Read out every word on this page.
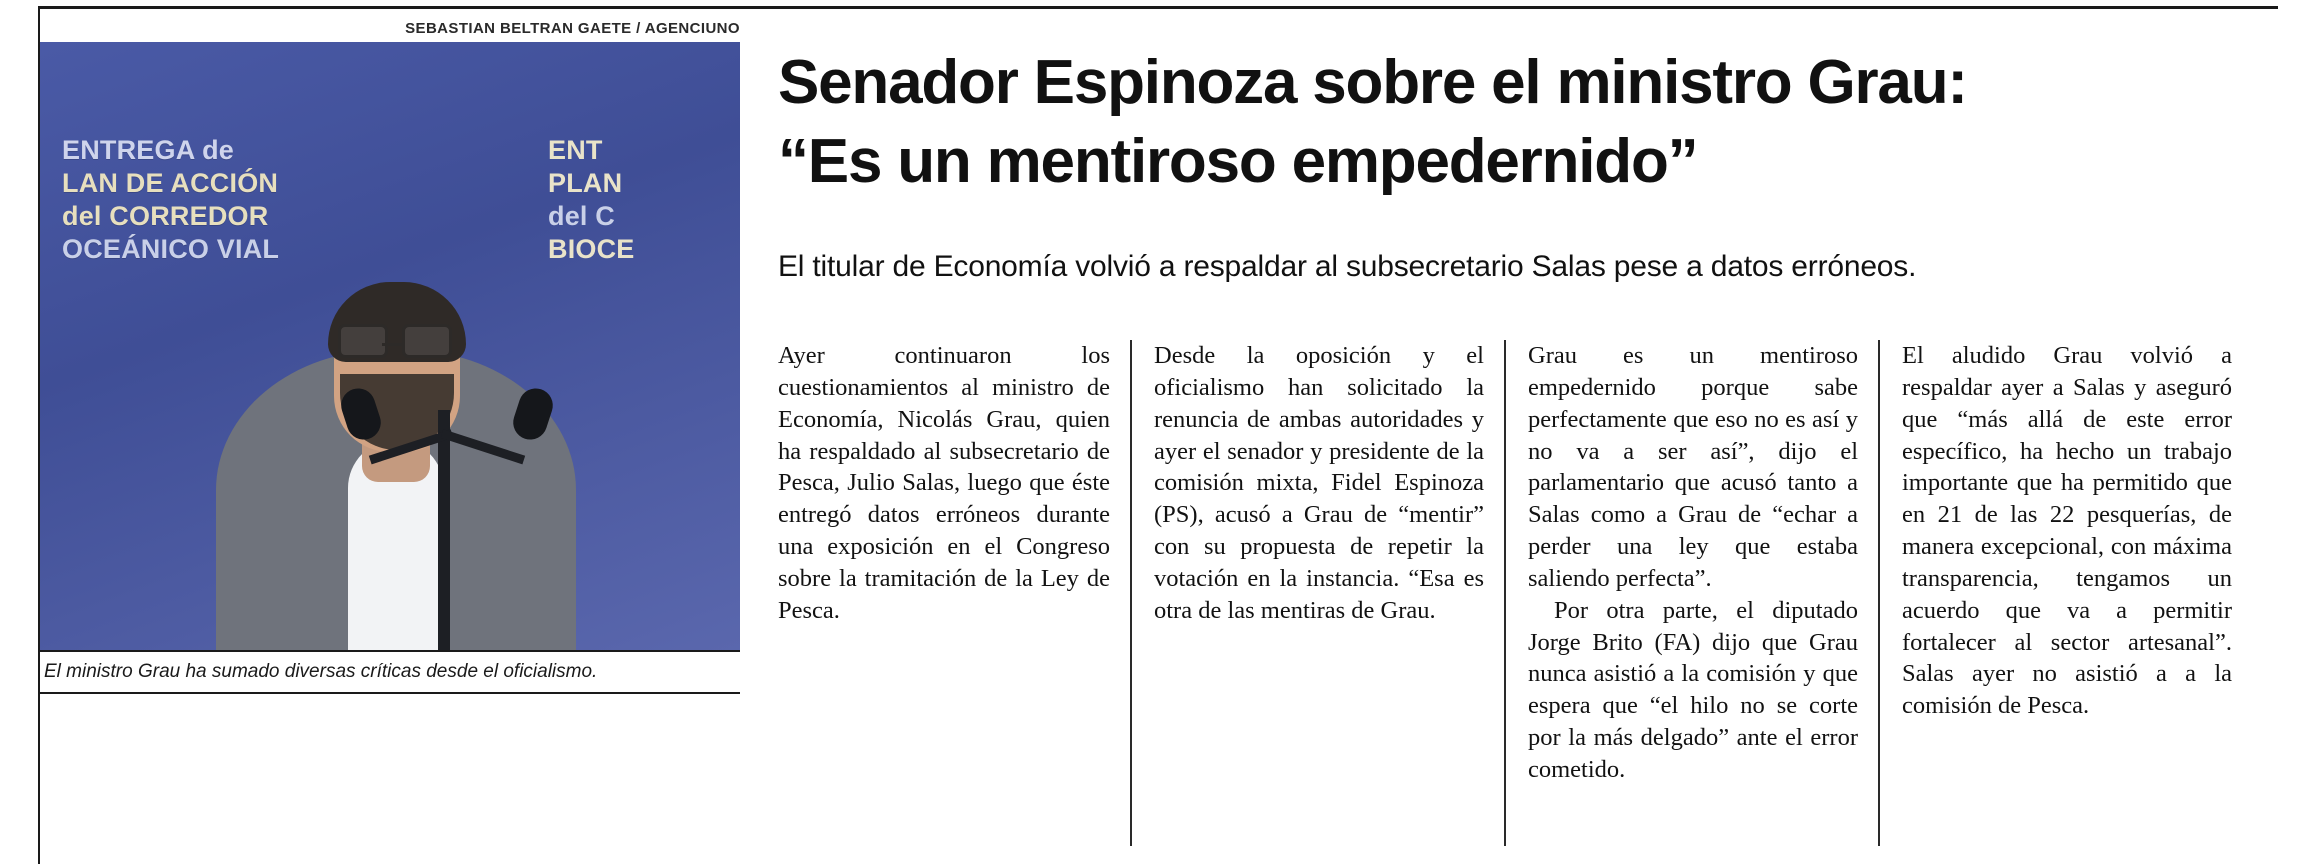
SEBASTIAN BELTRAN GAETE / AGENCIUNO
ENTREGA de
LAN DE ACCIÓN
del CORREDOR
OCEÁNICO VIAL
ENT
PLAN
del C
BIOCE
El ministro Grau ha sumado diversas críticas desde el oficialismo.
Senador Espinoza sobre el ministro Grau:
“Es un mentiroso empedernido”
El titular de Economía volvió a respaldar al subsecretario Salas pese a datos erróneos.

Ayer continuaron los cuestionamientos al ministro de Economía, Nicolás Grau, quien ha respaldado al subsecretario de Pesca, Julio Salas, luego que éste entregó datos erróneos durante una exposición en el Congreso sobre la tramitación de la Ley de Pesca.

Desde la oposición y el oficialismo han solicitado la renuncia de ambas autoridades y ayer el senador y presidente de la comisión mixta, Fidel Espinoza (PS), acusó a Grau de “mentir” con su propuesta de repetir la votación en la instancia. “Esa es otra de las mentiras de Grau.

Grau es un mentiroso empedernido porque sabe perfectamente que eso no es así y no va a ser así”, dijo el parlamentario que acusó tanto a Salas como a Grau de “echar a perder una ley que estaba saliendo perfecta”.

Por otra parte, el diputado Jorge Brito (FA) dijo que Grau nunca asistió a la comisión y que espera que “el hilo no se corte por la más delgado” ante el error cometido.

El aludido Grau volvió a respaldar ayer a Salas y aseguró que “más allá de este error específico, ha hecho un trabajo importante que ha permitido que en 21 de las 22 pesquerías, de manera excepcional, con máxima transparencia, tengamos un acuerdo que va a permitir fortalecer al sector artesanal”. Salas ayer no asistió a a la comisión de Pesca.
